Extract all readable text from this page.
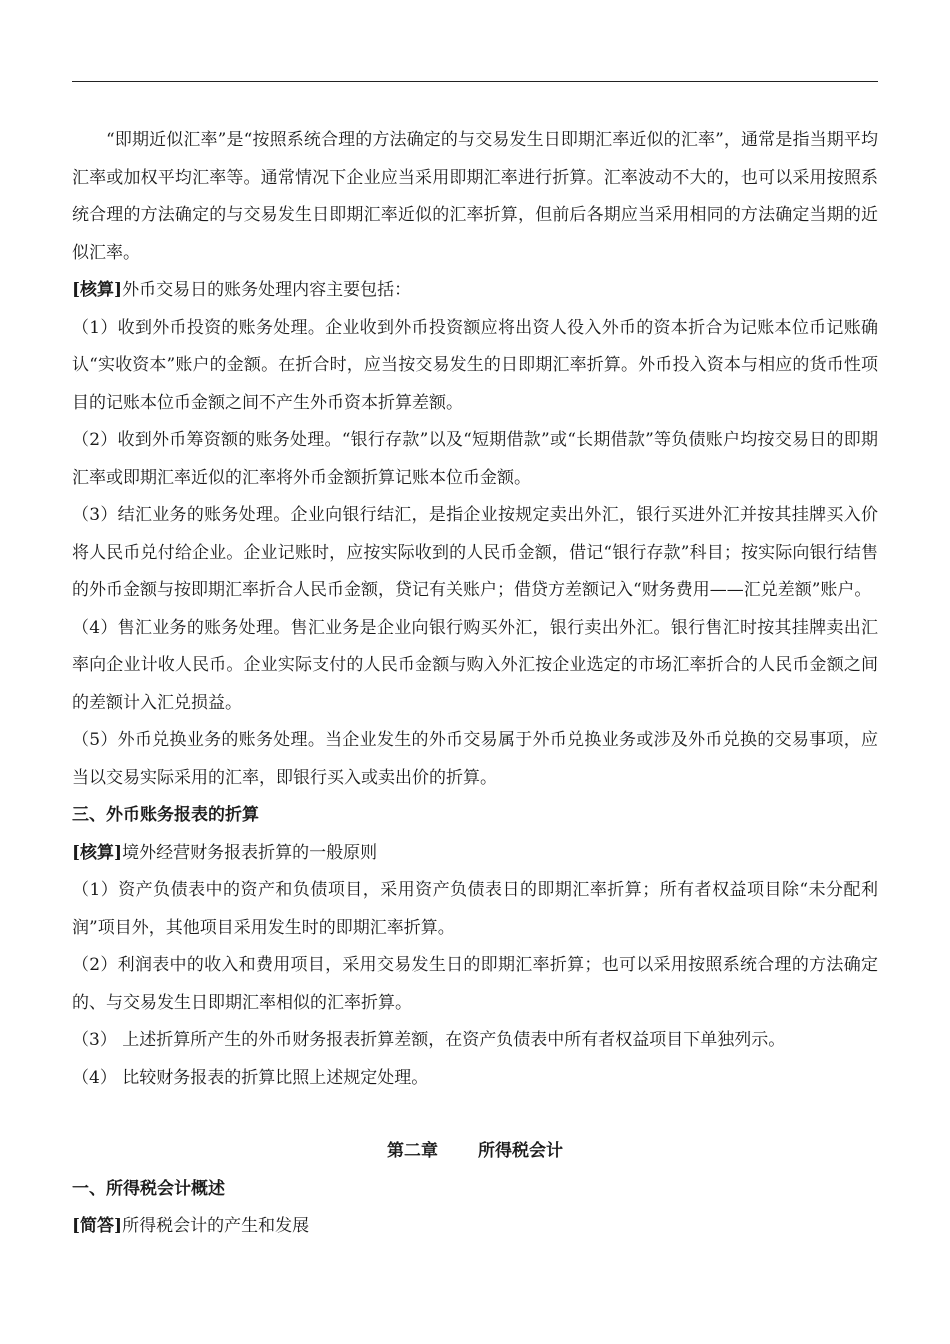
“即期近似汇率”是“按照系统合理的方法确定的与交易发生日即期汇率近似的汇率”，通常是指当期平均汇率或加权平均汇率等。通常情况下企业应当采用即期汇率进行折算。汇率波动不大的，也可以采用按照系统合理的方法确定的与交易发生日即期汇率近似的汇率折算，但前后各期应当采用相同的方法确定当期的近似汇率。

[核算]外币交易日的账务处理内容主要包括：

（1）收到外币投资的账务处理。企业收到外币投资额应将出资人役入外币的资本折合为记账本位币记账确认“实收资本”账户的金额。在折合时，应当按交易发生的日即期汇率折算。外币投入资本与相应的货币性项目的记账本位币金额之间不产生外币资本折算差额。

（2）收到外币筹资额的账务处理。“银行存款”以及“短期借款”或“长期借款”等负债账户均按交易日的即期汇率或即期汇率近似的汇率将外币金额折算记账本位币金额。

（3）结汇业务的账务处理。企业向银行结汇，是指企业按规定卖出外汇，银行买进外汇并按其挂牌买入价将人民币兑付给企业。企业记账时，应按实际收到的人民币金额，借记“银行存款”科目；按实际向银行结售的外币金额与按即期汇率折合人民币金额，贷记有关账户；借贷方差额记入“财务费用——汇兑差额”账户。

（4）售汇业务的账务处理。售汇业务是企业向银行购买外汇，银行卖出外汇。银行售汇时按其挂牌卖出汇率向企业计收人民币。企业实际支付的人民币金额与购入外汇按企业选定的市场汇率折合的人民币金额之间的差额计入汇兑损益。

（5）外币兑换业务的账务处理。当企业发生的外币交易属于外币兑换业务或涉及外币兑换的交易事项，应当以交易实际采用的汇率，即银行买入或卖出价的折算。

三、外币账务报表的折算

[核算]境外经营财务报表折算的一般原则

（1）资产负债表中的资产和负债项目，采用资产负债表日的即期汇率折算；所有者权益项目除“未分配利润”项目外，其他项目采用发生时的即期汇率折算。

（2）利润表中的收入和费用项目，采用交易发生日的即期汇率折算；也可以采用按照系统合理的方法确定的、与交易发生日即期汇率相似的汇率折算。

（3） 上述折算所产生的外币财务报表折算差额，在资产负债表中所有者权益项目下单独列示。

（4） 比较财务报表的折算比照上述规定处理。

第二章 所得税会计

一、所得税会计概述

[简答]所得税会计的产生和发展
